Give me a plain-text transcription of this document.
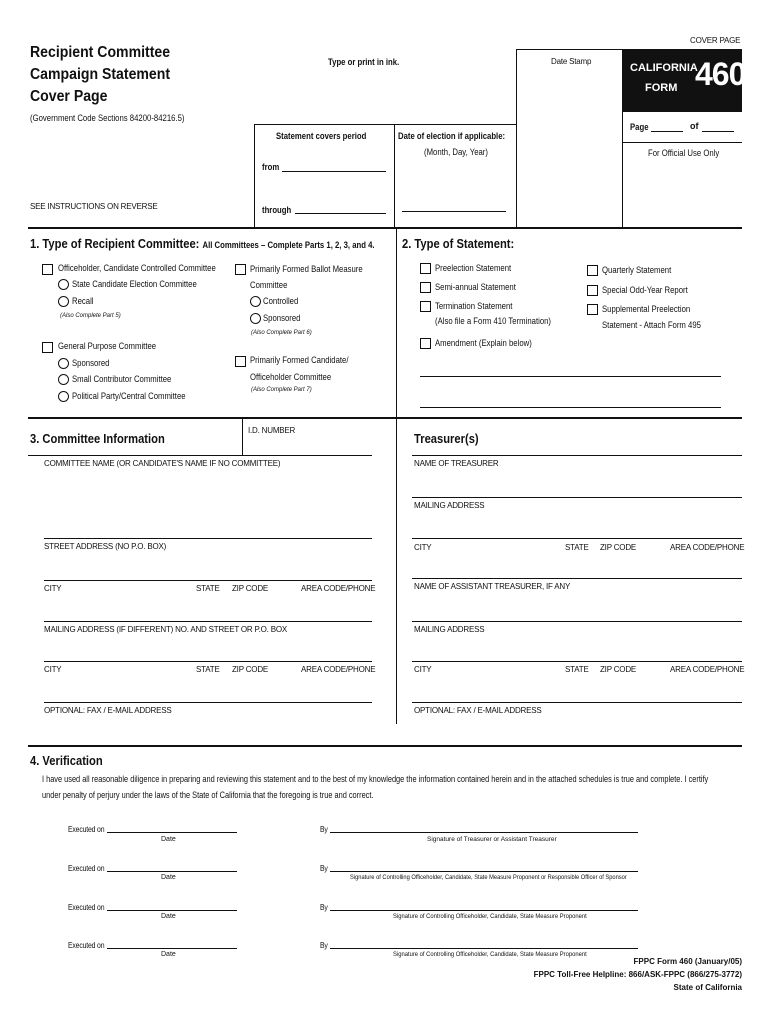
COVER PAGE
Recipient Committee
Campaign Statement
Cover Page
(Government Code Sections 84200-84216.5)
Type or print in ink.	Date Stamp
CALIFORNIA
FORM 460
Page	of
For Official Use Only
Statement covers period
from
through
Date of election if applicable:
(Month, Day, Year)
SEE INSTRUCTIONS ON REVERSE
1. Type of Recipient Committee: All Committees – Complete Parts 1, 2, 3, and 4.
Officeholder, Candidate Controlled Committee
State Candidate Election Committee
Recall
(Also Complete Part 5)
General Purpose Committee
Sponsored
Small Contributor Committee
Political Party/Central Committee
Primarily Formed Ballot Measure
Committee
Controlled
Sponsored
(Also Complete Part 6)
Primarily Formed Candidate/
Officeholder Committee
(Also Complete Part 7)
2. Type of Statement:
Preelection Statement
Semi-annual Statement
Termination Statement
(Also file a Form 410 Termination)
Amendment (Explain below)
Quarterly Statement
Special Odd-Year Report
Supplemental Preelection
Statement - Attach Form 495
3. Committee Information
I.D. NUMBER
COMMITTEE NAME (OR CANDIDATE'S NAME IF NO COMMITTEE)
STREET ADDRESS (NO P.O. BOX)
CITY	STATE ZIP CODE	AREA CODE/PHONE
MAILING ADDRESS (IF DIFFERENT) NO. AND STREET OR P.O. BOX
CITY	STATE ZIP CODE	AREA CODE/PHONE
OPTIONAL: FAX / E-MAIL ADDRESS
Treasurer(s)
NAME OF TREASURER
MAILING ADDRESS
CITY	STATE ZIP CODE	AREA CODE/PHONE
NAME OF ASSISTANT TREASURER, IF ANY
MAILING ADDRESS
CITY	STATE ZIP CODE	AREA CODE/PHONE
OPTIONAL: FAX / E-MAIL ADDRESS
4. Verification
I have used all reasonable diligence in preparing and reviewing this statement and to the best of my knowledge the information contained herein and in the attached schedules is true and complete. I certify
under penalty of perjury under the laws of the State of California that the foregoing is true and correct.
Executed on
Date
By
Signature of Treasurer or Assistant Treasurer
Executed on
Date
By
Signature of Controlling Officeholder, Candidate, State Measure Proponent or Responsible Officer of Sponsor
Executed on
Date
By
Signature of Controlling Officeholder, Candidate, State Measure Proponent
Executed on
Date
By
Signature of Controlling Officeholder, Candidate, State Measure Proponent
FPPC Form 460 (January/05)
FPPC Toll-Free Helpline: 866/ASK-FPPC (866/275-3772)
State of California
